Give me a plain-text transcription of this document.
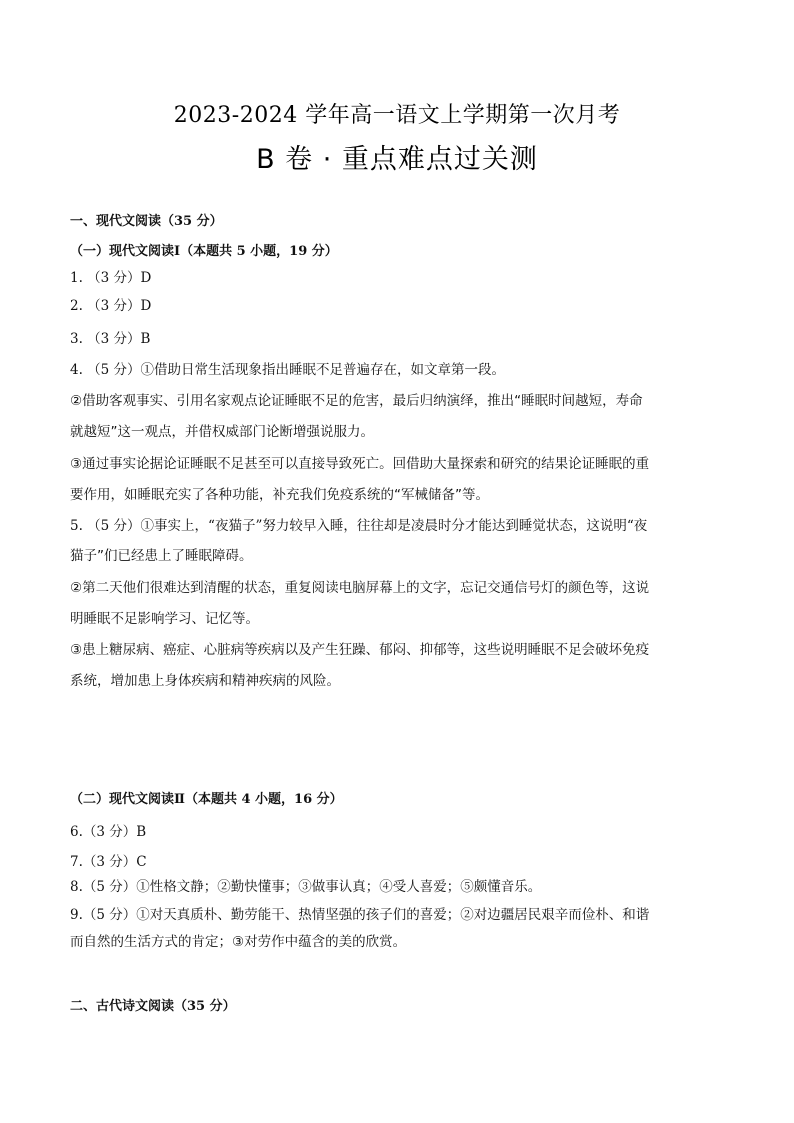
2023-2024 学年高一语文上学期第一次月考
B 卷 · 重点难点过关测
一、现代文阅读（35 分）
（一）现代文阅读Ⅰ（本题共 5 小题，19 分）
1. （3 分）D
2. （3 分）D
3. （3 分）B
4. （5 分）①借助日常生活现象指出睡眠不足普遍存在，如文章第一段。
②借助客观事实、引用名家观点论证睡眠不足的危害，最后归纳演绎，推出“睡眠时间越短，寿命
就越短”这一观点，并借权威部门论断增强说服力。
③通过事实论据论证睡眠不足甚至可以直接导致死亡。回借助大量探索和研究的结果论证睡眠的重
要作用，如睡眠充实了各种功能，补充我们免疫系统的“军械储备”等。
5. （5 分）①事实上，“夜猫子”努力较早入睡，往往却是凌晨时分才能达到睡觉状态，这说明“夜
猫子”们已经患上了睡眠障碍。
②第二天他们很难达到清醒的状态，重复阅读电脑屏幕上的文字，忘记交通信号灯的颜色等，这说
明睡眠不足影响学习、记忆等。
③患上糖尿病、癌症、心脏病等疾病以及产生狂躁、郁闷、抑郁等，这些说明睡眠不足会破坏免疫
系统，增加患上身体疾病和精神疾病的风险。
（二）现代文阅读Ⅱ（本题共 4 小题，16 分）
6.（3 分）B
7.（3 分）C
8.（5 分）①性格文静；②勤快懂事；③做事认真；④受人喜爱；⑤颇懂音乐。
9.（5 分）①对天真质朴、勤劳能干、热情坚强的孩子们的喜爱；②对边疆居民艰辛而俭朴、和谐
而自然的生活方式的肯定；③对劳作中蕴含的美的欣赏。
二、古代诗文阅读（35 分）
